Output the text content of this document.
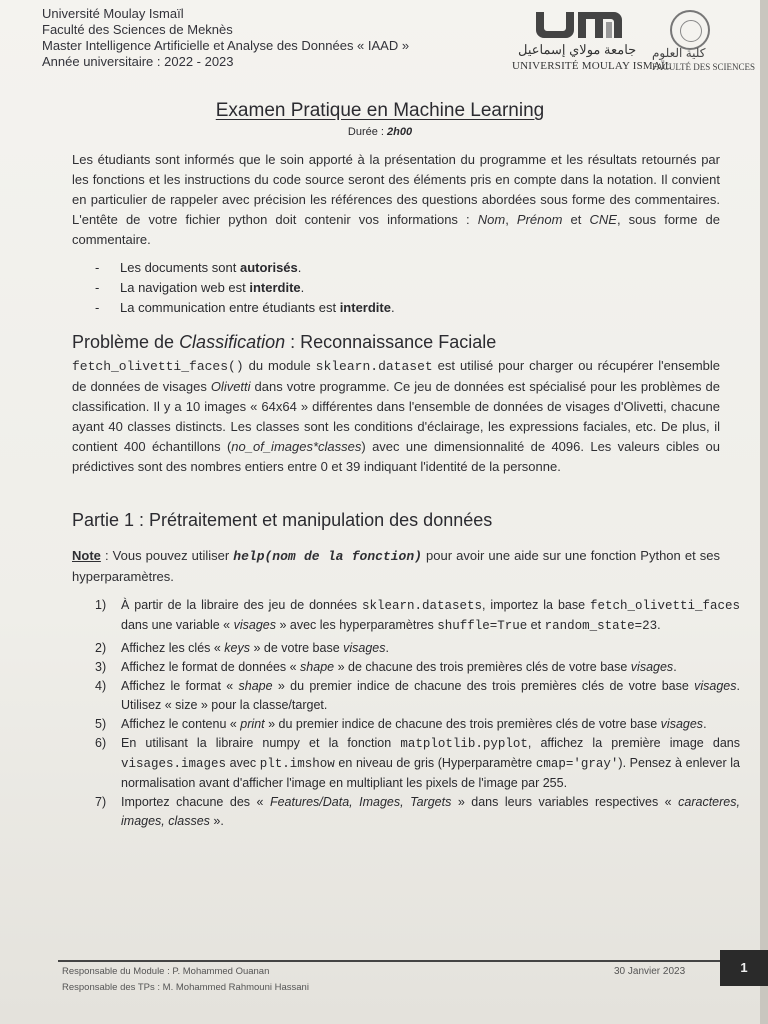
Université Moulay Ismaïl
Faculté des Sciences de Meknès
Master Intelligence Artificielle et Analyse des Données « IAAD »
Année universitaire : 2022 - 2023
جامعة مولاي إسماعيل
UNIVERSITÉ MOULAY ISMAÏL
كلية العلوم
FACULTÉ DES SCIENCES
Examen Pratique en Machine Learning
Durée : 2h00
Les étudiants sont informés que le soin apporté à la présentation du programme et les résultats retournés par les fonctions et les instructions du code source seront des éléments pris en compte dans la notation. Il convient en particulier de rappeler avec précision les références des questions abordées sous forme des commentaires. L'entête de votre fichier python doit contenir vos informations : Nom, Prénom et CNE, sous forme de commentaire.
- Les documents sont autorisés.
- La navigation web est interdite.
- La communication entre étudiants est interdite.
Problème de Classification : Reconnaissance Faciale
fetch_olivetti_faces() du module sklearn.dataset est utilisé pour charger ou récupérer l'ensemble de données de visages Olivetti dans votre programme. Ce jeu de données est spécialisé pour les problèmes de classification. Il y a 10 images « 64x64 » différentes dans l'ensemble de données de visages d'Olivetti, chacune ayant 40 classes distincts. Les classes sont les conditions d'éclairage, les expressions faciales, etc. De plus, il contient 400 échantillons (no_of_images*classes) avec une dimensionnalité de 4096. Les valeurs cibles ou prédictives sont des nombres entiers entre 0 et 39 indiquant l'identité de la personne.
Partie 1 : Prétraitement et manipulation des données
Note : Vous pouvez utiliser help(nom de la fonction) pour avoir une aide sur une fonction Python et ses hyperparamètres.
1) À partir de la libraire des jeu de données sklearn.datasets, importez la base fetch_olivetti_faces dans une variable « visages » avec les hyperparamètres shuffle=True et random_state=23.
2) Affichez les clés « keys » de votre base visages.
3) Affichez le format de données « shape » de chacune des trois premières clés de votre base visages.
4) Affichez le format « shape » du premier indice de chacune des trois premières clés de votre base visages. Utilisez « size » pour la classe/target.
5) Affichez le contenu « print » du premier indice de chacune des trois premières clés de votre base visages.
6) En utilisant la libraire numpy et la fonction matplotlib.pyplot, affichez la première image dans visages.images avec plt.imshow en niveau de gris (Hyperparamètre cmap='gray'). Pensez à enlever la normalisation avant d'afficher l'image en multipliant les pixels de l'image par 255.
7) Importez chacune des « Features/Data, Images, Targets » dans leurs variables respectives « caracteres, images, classes ».
Responsable du Module : P. Mohammed Ouanan
Responsable des TPs : M. Mohammed Rahmouni Hassani
30 Janvier 2023	1
